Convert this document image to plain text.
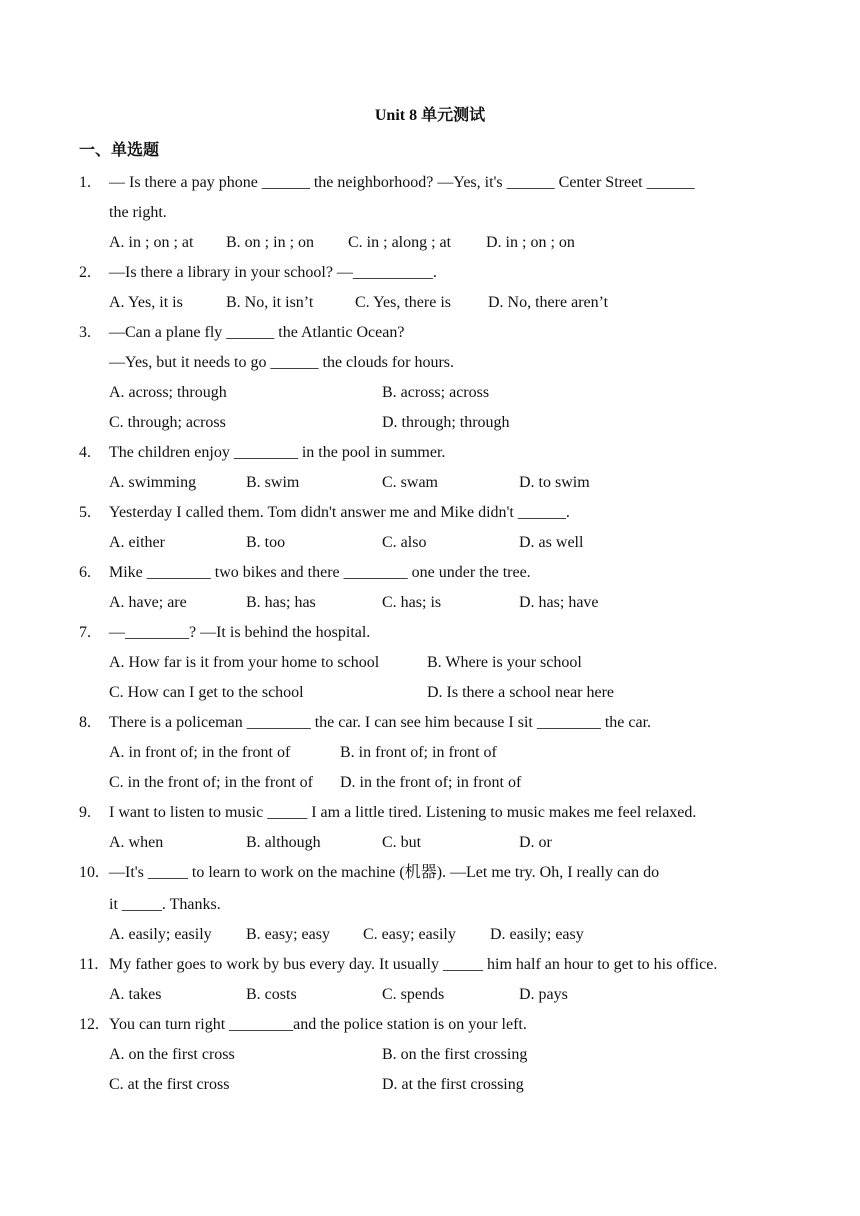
Unit 8 单元测试
一、单选题
1. — Is there a pay phone ______ the neighborhood? —Yes, it's ______ Center Street ______
the right.
A. in ; on ; at B. on ; in ; on C. in ; along ; at D. in ; on ; on
2. —Is there a library in your school? —__________.
A. Yes, it is	B. No, it isn’t	C. Yes, there is D. No, there aren’t
3. —Can a plane fly ______ the Atlantic Ocean?
—Yes, but it needs to go ______ the clouds for hours.
A. across; through	B. across; across
C. through; across	D. through; through
4. The children enjoy ________ in the pool in summer.
A. swimming	B. swim	C. swam	D. to swim
5. Yesterday I called them. Tom didn't answer me and Mike didn't ______.
A. either	B. too	C. also	D. as well
6. Mike ________ two bikes and there ________ one under the tree.
A. have; are	B. has; has	C. has; is	D. has; have
7. —________? —It is behind the hospital.
A. How far is it from your home to school	B. Where is your school
C. How can I get to the school	D. Is there a school near here
8. There is a policeman ________ the car. I can see him because I sit ________ the car.
A. in front of; in the front of	B. in front of; in front of
C. in the front of; in the front of D. in the front of; in front of
9. I want to listen to music _____ I am a little tired. Listening to music makes me feel relaxed.
A. when	B. although	C. but	D. or
10. —It's _____ to learn to work on the machine (机器). —Let me try. Oh, I really can do
it _____. Thanks.
A. easily; easily B. easy; easy C. easy; easily D. easily; easy
11. My father goes to work by bus every day. It usually _____ him half an hour to get to his office.
A. takes	B. costs	C. spends	D. pays
12. You can turn right ________and the police station is on your left.
A. on the first cross	B. on the first crossing
C. at the first cross	D. at the first crossing
